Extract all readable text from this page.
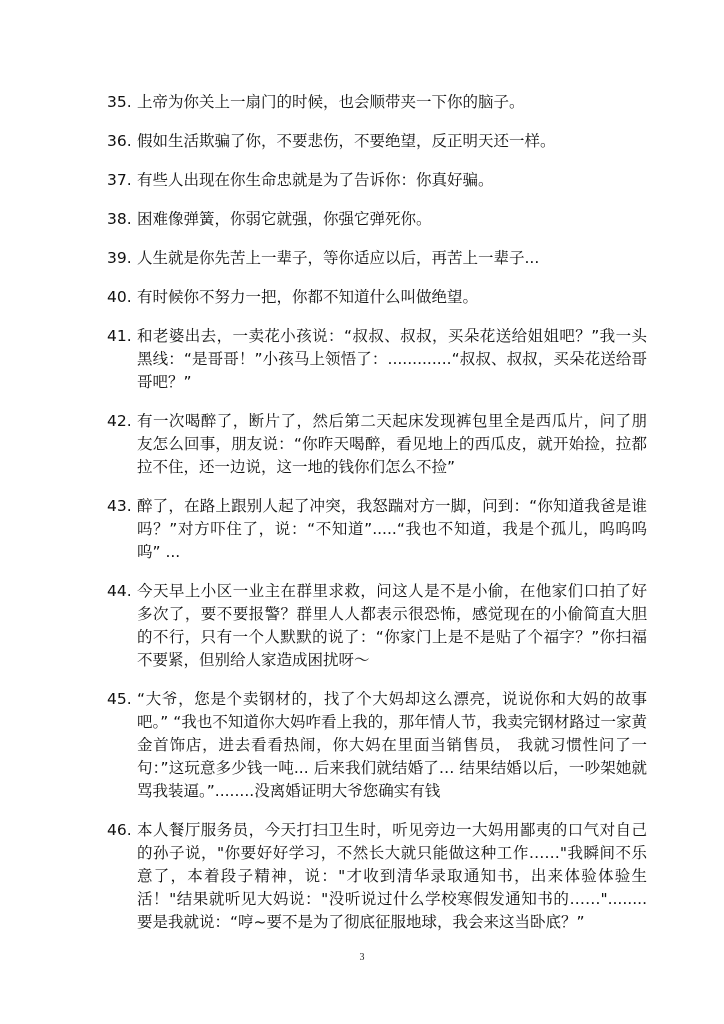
35. 上帝为你关上一扇门的时候，也会顺带夹一下你的脑子。
36. 假如生活欺骗了你，不要悲伤，不要绝望，反正明天还一样。
37. 有些人出现在你生命忠就是为了告诉你：你真好骗。
38. 困难像弹簧，你弱它就强，你强它弹死你。
39. 人生就是你先苦上一辈子，等你适应以后，再苦上一辈子...
40. 有时候你不努力一把，你都不知道什么叫做绝望。
41. 和老婆出去，一卖花小孩说：“叔叔、叔叔，买朵花送给姐姐吧？”我一头黑线：“是哥哥！”小孩马上领悟了：.............“叔叔、叔叔，买朵花送给哥哥吧？”
42. 有一次喝醉了，断片了，然后第二天起床发现裤包里全是西瓜片，问了朋友怎么回事，朋友说：“你昨天喝醉，看见地上的西瓜皮，就开始捡，拉都拉不住，还一边说，这一地的钱你们怎么不捡”
43. 醉了，在路上跟别人起了冲突，我怒踹对方一脚，问到：“你知道我爸是谁吗？”对方吓住了，说：“不知道”.....“我也不知道，我是个孤儿，呜呜呜呜” ...
44. 今天早上小区一业主在群里求救，问这人是不是小偷，在他家们口拍了好多次了，要不要报警？群里人人都表示很恐怖，感觉现在的小偷简直大胆的不行，只有一个人默默的说了：“你家门上是不是贴了个福字？”你扫福不要紧，但别给人家造成困扰呀～
45. “大爷，您是个卖钢材的，找了个大妈却这么漂亮，说说你和大妈的故事吧。” “我也不知道你大妈咋看上我的，那年情人节，我卖完钢材路过一家黄金首饰店，进去看看热闹，你大妈在里面当销售员， 我就习惯性问了一句：”这玩意多少钱一吨... 后来我们就结婚了… 结果结婚以后，一吵架她就骂我装逼。”........没离婚证明大爷您确实有钱
46. 本人餐厅服务员，今天打扫卫生时，听见旁边一大妈用鄙夷的口气对自己的孙子说，"你要好好学习，不然长大就只能做这种工作……"我瞬间不乐意了，本着段子精神，说："才收到清华录取通知书，出来体验体验生活！"结果就听见大妈说："没听说过什么学校寒假发通知书的……"........要是我就说：“哼~要不是为了彻底征服地球，我会来这当卧底？”
3
